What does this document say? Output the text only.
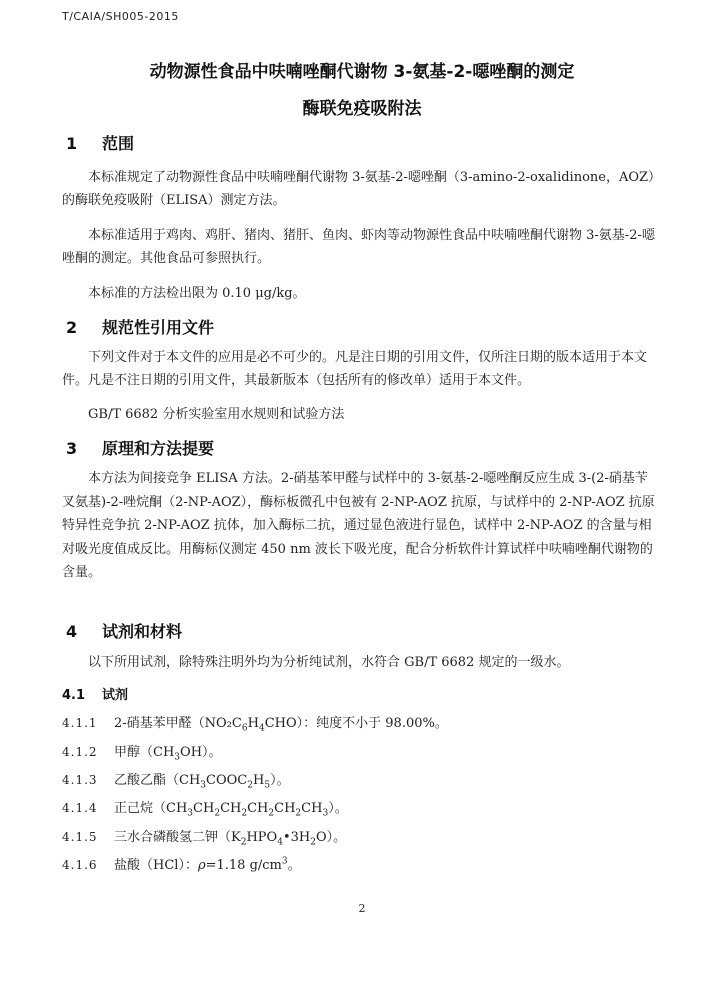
T/CAIA/SH005-2015
动物源性食品中呋喃唑酮代谢物 3-氨基-2-噁唑酮的测定
酶联免疫吸附法
1 范围
本标准规定了动物源性食品中呋喃唑酮代谢物 3-氨基-2-噁唑酮（3-amino-2-oxalidinone，AOZ）的酶联免疫吸附（ELISA）测定方法。
本标准适用于鸡肉、鸡肝、猪肉、猪肝、鱼肉、虾肉等动物源性食品中呋喃唑酮代谢物 3-氨基-2-噁唑酮的测定。其他食品可参照执行。
本标准的方法检出限为 0.10 μg/kg。
2 规范性引用文件
下列文件对于本文件的应用是必不可少的。凡是注日期的引用文件，仅所注日期的版本适用于本文件。凡是不注日期的引用文件，其最新版本（包括所有的修改单）适用于本文件。
GB/T 6682 分析实验室用水规则和试验方法
3 原理和方法提要
本方法为间接竞争 ELISA 方法。2-硝基苯甲醛与试样中的 3-氨基-2-噁唑酮反应生成 3-(2-硝基苄叉氨基)-2-唑烷酮（2-NP-AOZ），酶标板微孔中包被有 2-NP-AOZ 抗原，与试样中的 2-NP-AOZ 抗原特异性竞争抗 2-NP-AOZ 抗体，加入酶标二抗，通过显色液进行显色，试样中 2-NP-AOZ 的含量与相对吸光度值成反比。用酶标仪测定 450 nm 波长下吸光度，配合分析软件计算试样中呋喃唑酮代谢物的含量。
4 试剂和材料
以下所用试剂，除特殊注明外均为分析纯试剂，水符合 GB/T 6682 规定的一级水。
4.1 试剂
4.1.1 2-硝基苯甲醛$(NO_2C_6H_4CHO)$：纯度不小于 98.00%。
4.1.2 甲醇$(CH_3OH)$。
4.1.3 乙酸乙酯$(CH_3COOC_2H_5)$。
4.1.4 正己烷$(CH_3CH_2CH_2CH_2CH_2CH_3)$。
4.1.5 三水合磷酸氢二钾$(K_2HPO_4•3H_2O)$。
4.1.6 盐酸（HCl）：ρ=1.18 $g/cm^3$。
2
